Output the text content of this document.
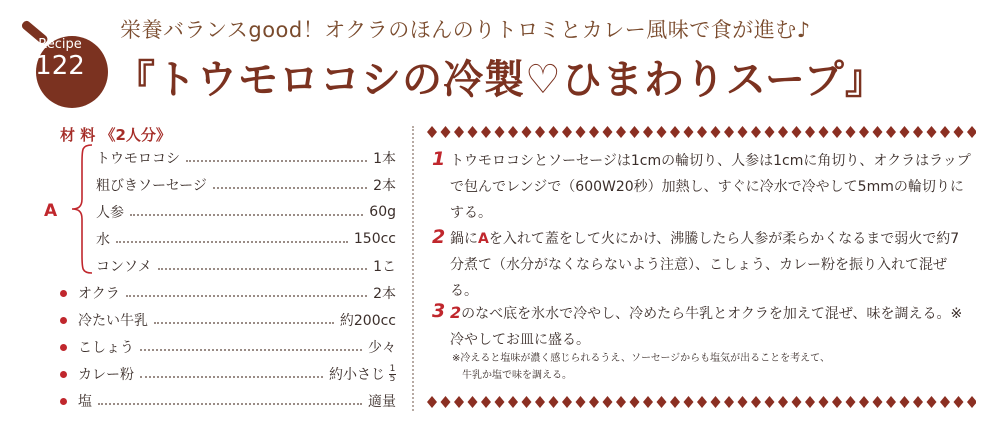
Recipe
122
栄養バランスgood！オクラのほんのりトロミとカレー風味で食が進む♪
『トウモロコシの冷製♡ひまわりスープ』
材 料 《2人分》
A
トウモロコシ	1本
粗びきソーセージ	2本
人参	60g
水	150cc
コンソメ	1こ
オクラ	2本
冷たい牛乳	約200cc
こしょう	少々
カレー粉	約小さじ $\frac{1}{5}$
塩	適量
1 トウモロコシとソーセージは1cmの輪切り、人参は1cmに角切り、オクラはラップで包んでレンジで（600W20秒）加熱し、すぐに冷水で冷やして5mmの輪切りにする。
2 鍋にAを入れて蓋をして火にかけ、沸騰したら人参が柔らかくなるまで弱火で約7分煮て（水分がなくならないよう注意）、こしょう、カレー粉を振り入れて混ぜる。
3 2のなべ底を氷水で冷やし、冷めたら牛乳とオクラを加えて混ぜ、味を調える。※ 冷やしてお皿に盛る。
※冷えると塩味が濃く感じられるうえ、ソーセージからも塩気が出ることを考えて、
牛乳か塩で味を調える。
